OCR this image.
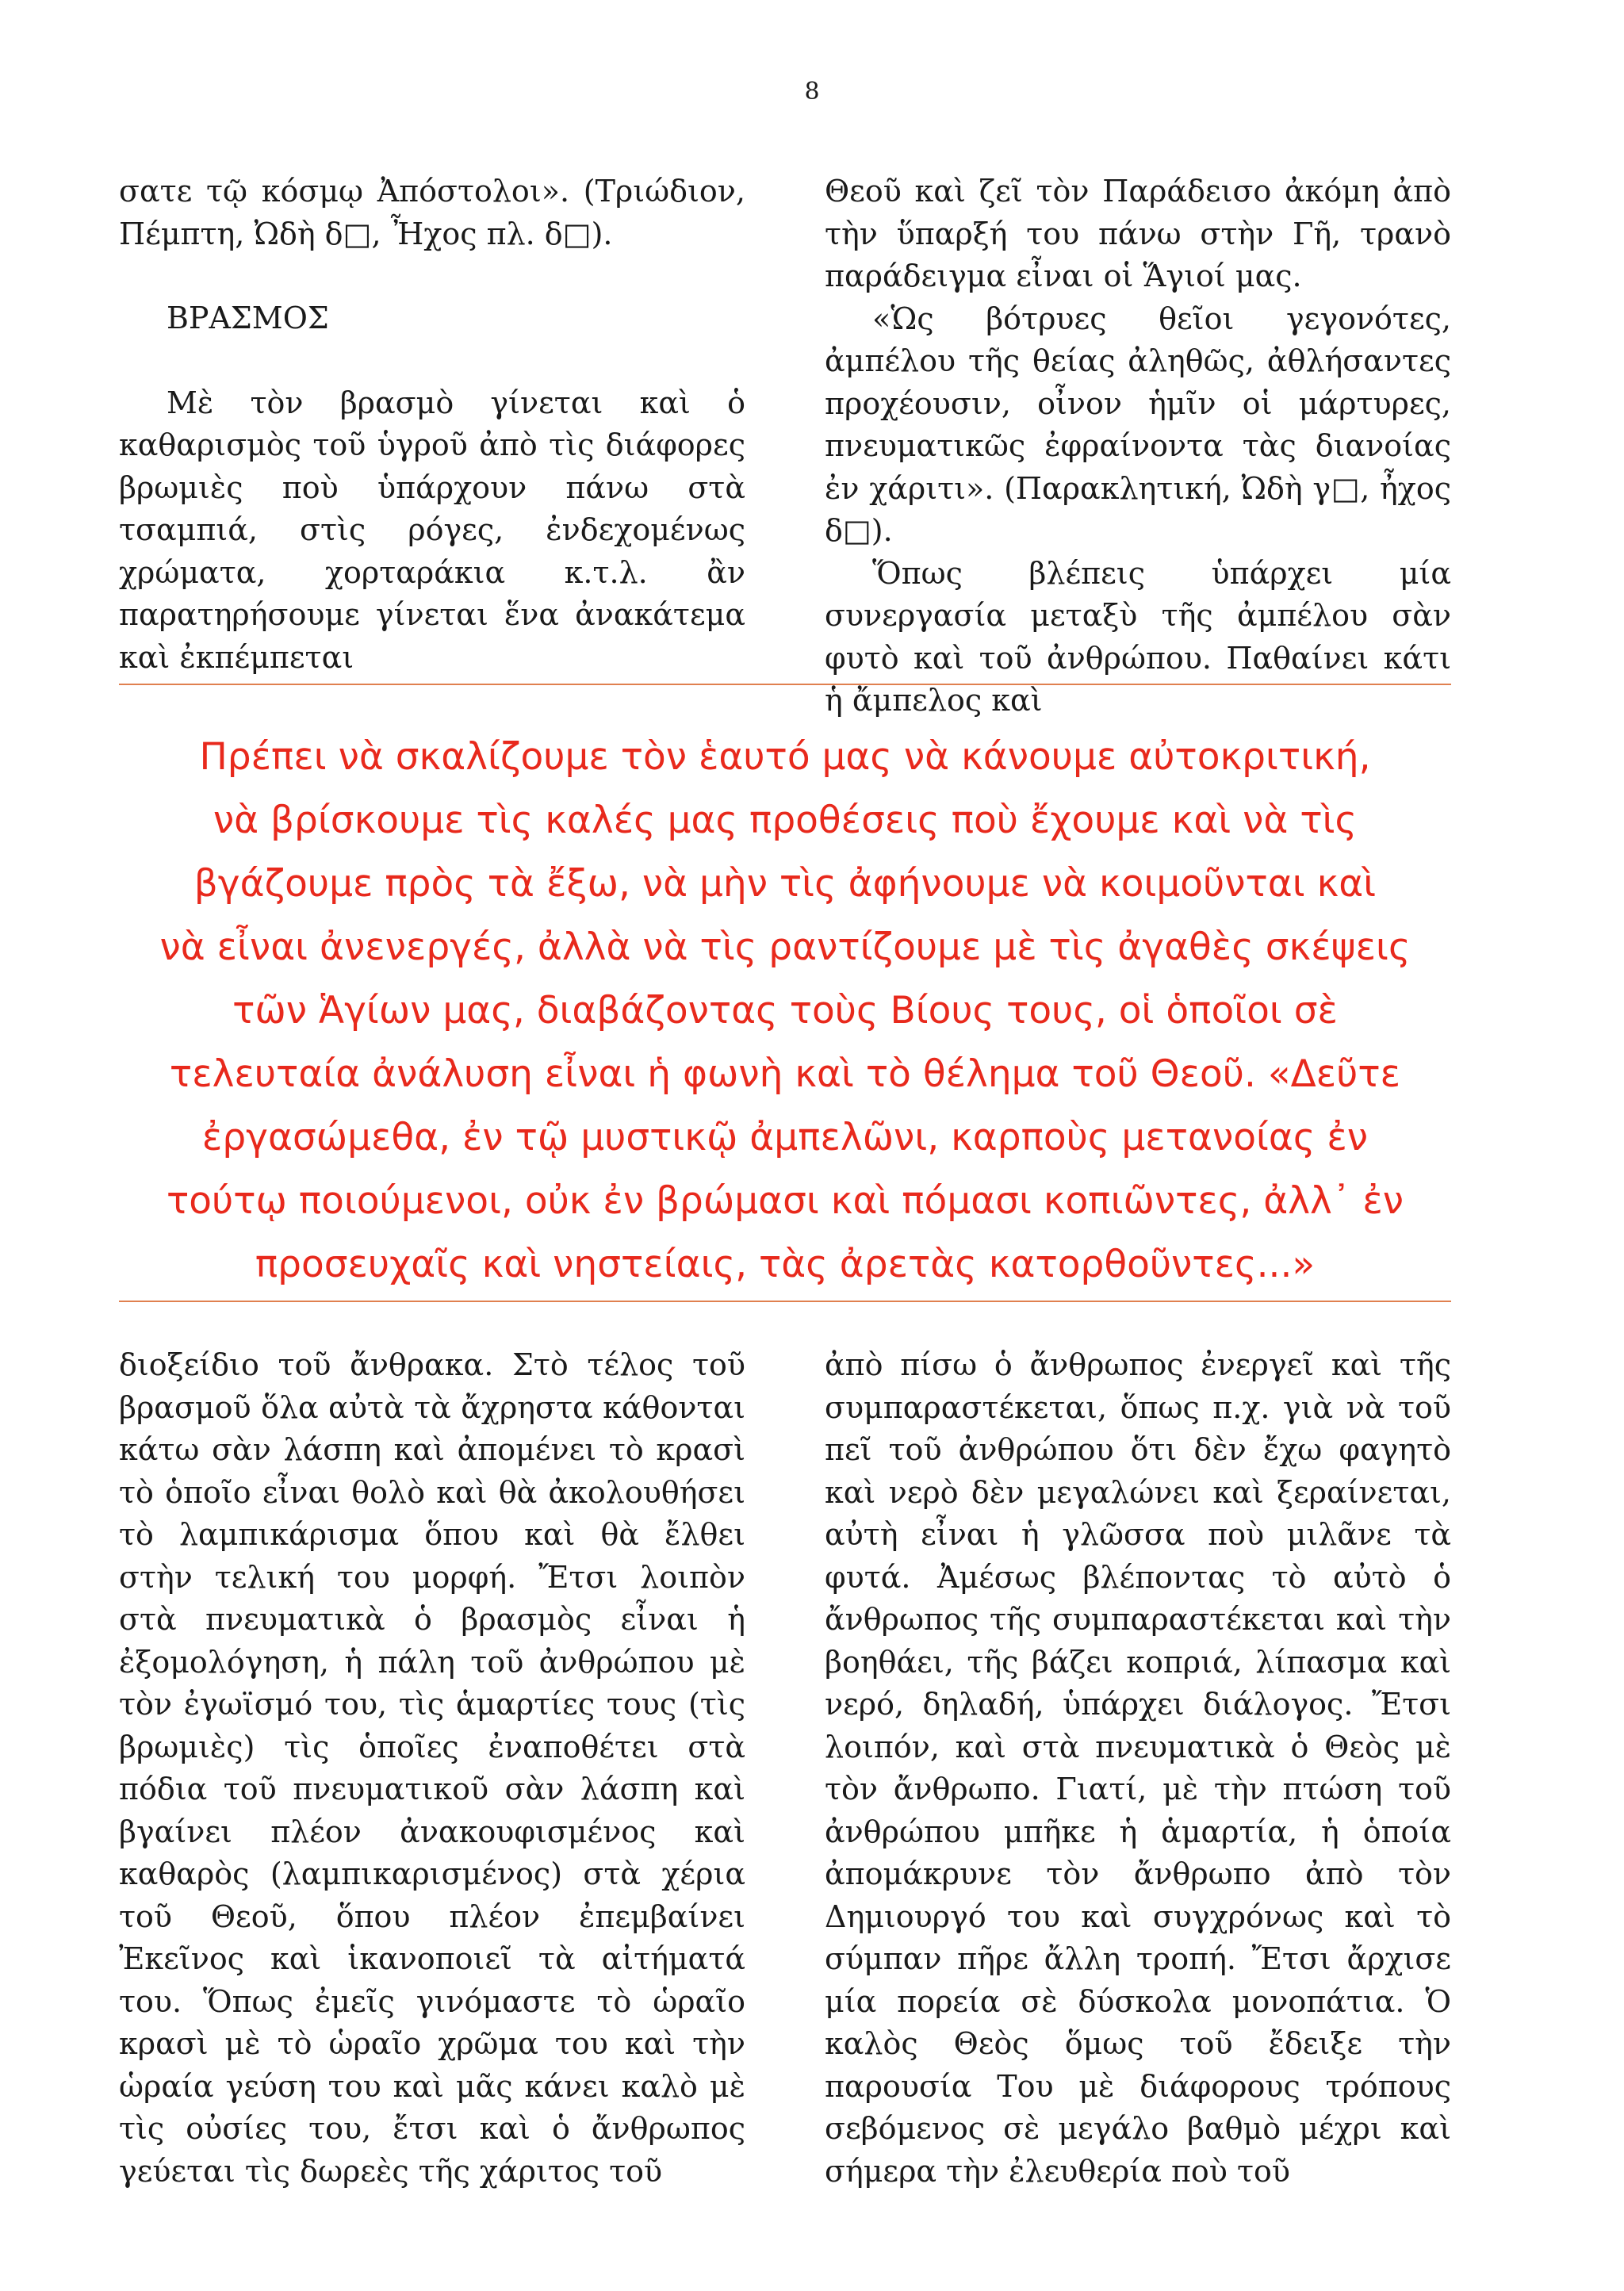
8

σατε τῷ κόσμῳ Ἀπόστολοι». (Τριώδιον, Πέμπτη, Ὠδὴ δ□, Ἦχος πλ. δ□).

ΒΡΑΣΜΟΣ

Μὲ τὸν βρασμὸ γίνεται καὶ ὁ καθαρισμὸς τοῦ ὑγροῦ ἀπὸ τὶς διάφορες βρωμιὲς ποὺ ὑπάρχουν πάνω στὰ τσαμπιά, στὶς ρόγες, ἐνδεχομένως χρώματα, χορταράκια κ.τ.λ. ἂν παρατηρήσουμε γίνεται ἕνα ἀνακάτεμα καὶ ἐκπέμπεται

Θεοῦ καὶ ζεῖ τὸν Παράδεισο ἀκόμη ἀπὸ τὴν ὕπαρξή του πάνω στὴν Γῆ, τρανὸ παράδειγμα εἶναι οἱ Ἅγιοί μας.

«Ὡς βότρυες θεῖοι γεγονότες, ἀμπέλου τῆς θείας ἀληθῶς, ἀθλήσαντες προχέουσιν, οἶνον ἡμῖν οἱ μάρτυρες, πνευματικῶς ἐφραίνοντα τὰς διανοίας ἐν χάριτι». (Παρακλητική, Ὠδὴ γ□, ἦχος δ□).

Ὅπως βλέπεις ὑπάρχει μία συνεργασία μεταξὺ τῆς ἀμπέλου σὰν φυτὸ καὶ τοῦ ἀνθρώπου. Παθαίνει κάτι ἡ ἄμπελος καὶ

Πρέπει νὰ σκαλίζουμε τὸν ἑαυτό μας νὰ κάνουμε αὐτοκριτική,
νὰ βρίσκουμε τὶς καλές μας προθέσεις ποὺ ἔχουμε καὶ νὰ τὶς
βγάζουμε πρὸς τὰ ἔξω, νὰ μὴν τὶς ἀφήνουμε νὰ κοιμοῦνται καὶ
νὰ εἶναι ἀνενεργές, ἀλλὰ νὰ τὶς ραντίζουμε μὲ τὶς ἀγαθὲς σκέψεις
τῶν Ἁγίων μας, διαβάζοντας τοὺς Βίους τους, οἱ ὁποῖοι σὲ
τελευταία ἀνάλυση εἶναι ἡ φωνὴ καὶ τὸ θέλημα τοῦ Θεοῦ. «Δεῦτε
ἐργασώμεθα, ἐν τῷ μυστικῷ ἀμπελῶνι, καρποὺς μετανοίας ἐν
τούτῳ ποιούμενοι, οὐκ ἐν βρώμασι καὶ πόμασι κοπιῶντες, ἀλλ᾽ ἐν
προσευχαῖς καὶ νηστείαις, τὰς ἀρετὰς κατορθοῦντες...»

διοξείδιο τοῦ ἄνθρακα. Στὸ τέλος τοῦ βρασμοῦ ὅλα αὐτὰ τὰ ἄχρηστα κάθονται κάτω σὰν λάσπη καὶ ἀπομένει τὸ κρασὶ τὸ ὁποῖο εἶναι θολὸ καὶ θὰ ἀκολουθήσει τὸ λαμπικάρισμα ὅπου καὶ θὰ ἔλθει στὴν τελική του μορφή. Ἔτσι λοιπὸν στὰ πνευματικὰ ὁ βρασμὸς εἶναι ἡ ἐξομολόγηση, ἡ πάλη τοῦ ἀνθρώπου μὲ τὸν ἐγωϊσμό του, τὶς ἁμαρτίες τους (τὶς βρωμιὲς) τὶς ὁποῖες ἐναποθέτει στὰ πόδια τοῦ πνευματικοῦ σὰν λάσπη καὶ βγαίνει πλέον ἀνακουφισμένος καὶ καθαρὸς (λαμπικαρισμένος) στὰ χέρια τοῦ Θεοῦ, ὅπου πλέον ἐπεμβαίνει Ἐκεῖνος καὶ ἱκανοποιεῖ τὰ αἰτήματά του. Ὅπως ἐμεῖς γινόμαστε τὸ ὡραῖο κρασὶ μὲ τὸ ὡραῖο χρῶμα του καὶ τὴν ὡραία γεύση του καὶ μᾶς κάνει καλὸ μὲ τὶς οὐσίες του, ἔτσι καὶ ὁ ἄνθρωπος γεύεται τὶς δωρεὲς τῆς χάριτος τοῦ

ἀπὸ πίσω ὁ ἄνθρωπος ἐνεργεῖ καὶ τῆς συμπαραστέκεται, ὅπως π.χ. γιὰ νὰ τοῦ πεῖ τοῦ ἀνθρώπου ὅτι δὲν ἔχω φαγητὸ καὶ νερὸ δὲν μεγαλώνει καὶ ξεραίνεται, αὐτὴ εἶναι ἡ γλῶσσα ποὺ μιλᾶνε τὰ φυτά. Ἀμέσως βλέποντας τὸ αὐτὸ ὁ ἄνθρωπος τῆς συμπαραστέκεται καὶ τὴν βοηθάει, τῆς βάζει κοπριά, λίπασμα καὶ νερό, δηλαδή, ὑπάρχει διάλογος. Ἔτσι λοιπόν, καὶ στὰ πνευματικὰ ὁ Θεὸς μὲ τὸν ἄνθρωπο. Γιατί, μὲ τὴν πτώση τοῦ ἀνθρώπου μπῆκε ἡ ἁμαρτία, ἡ ὁποία ἀπομάκρυνε τὸν ἄνθρωπο ἀπὸ τὸν Δημιουργό του καὶ συγχρόνως καὶ τὸ σύμπαν πῆρε ἄλλη τροπή. Ἔτσι ἄρχισε μία πορεία σὲ δύσκολα μονοπάτια. Ὁ καλὸς Θεὸς ὅμως τοῦ ἔδειξε τὴν παρουσία Του μὲ διάφορους τρόπους σεβόμενος σὲ μεγάλο βαθμὸ μέχρι καὶ σήμερα τὴν ἐλευθερία ποὺ τοῦ
